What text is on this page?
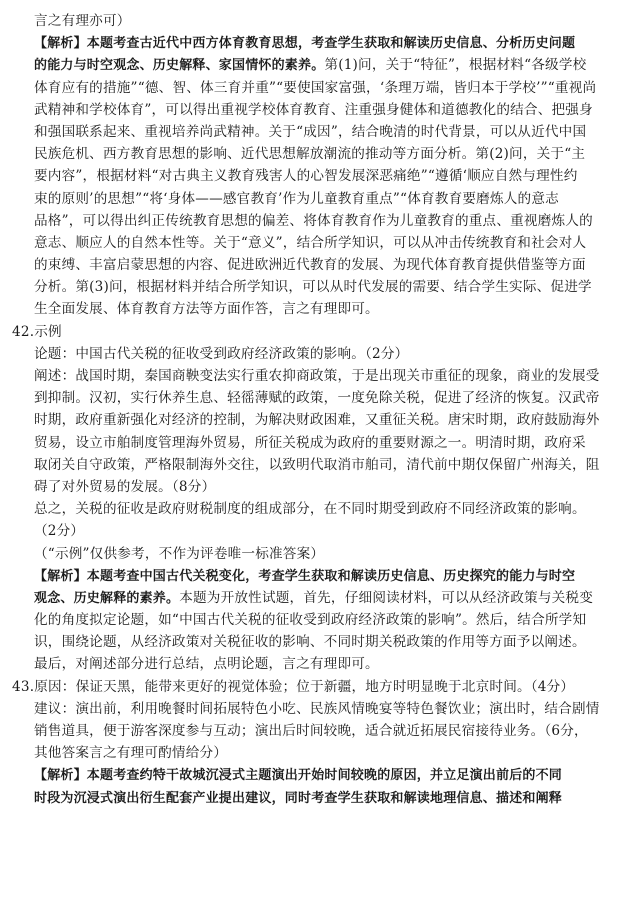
言之有理亦可）
【解析】本题考查古近代中西方体育教育思想，考查学生获取和解读历史信息、分析历史问题
的能力与时空观念、历史解释、家国情怀的素养。第(1)问，关于“特征”，根据材料“各级学校
体育应有的措施”“德、智、体三育并重”“要使国家富强，‘条理万端，皆归本于学校’”“重视尚
武精神和学校体育”，可以得出重视学校体育教育、注重强身健体和道德教化的结合、把强身
和强国联系起来、重视培养尚武精神。关于“成因”，结合晚清的时代背景，可以从近代中国
民族危机、西方教育思想的影响、近代思想解放潮流的推动等方面分析。第(2)问，关于“主
要内容”，根据材料“对古典主义教育残害人的心智发展深恶痛绝”“遵循‘顺应自然与理性约
束的原则’的思想”“将‘身体——感官教育’作为儿童教育重点”“体育教育要磨炼人的意志
品格”，可以得出纠正传统教育思想的偏差、将体育教育作为儿童教育的重点、重视磨炼人的
意志、顺应人的自然本性等。关于“意义”，结合所学知识，可以从冲击传统教育和社会对人
的束缚、丰富启蒙思想的内容、促进欧洲近代教育的发展、为现代体育教育提供借鉴等方面
分析。第(3)问，根据材料并结合所学知识，可以从时代发展的需要、结合学生实际、促进学
生全面发展、体育教育方法等方面作答，言之有理即可。
42.示例
论题：中国古代关税的征收受到政府经济政策的影响。（2分）
阐述：战国时期，秦国商鞅变法实行重农抑商政策，于是出现关市重征的现象，商业的发展受
到抑制。汉初，实行休养生息、轻徭薄赋的政策，一度免除关税，促进了经济的恢复。汉武帝
时期，政府重新强化对经济的控制，为解决财政困难，又重征关税。唐宋时期，政府鼓励海外
贸易，设立市舶制度管理海外贸易，所征关税成为政府的重要财源之一。明清时期，政府采
取闭关自守政策，严格限制海外交往，以致明代取消市舶司，清代前中期仅保留广州海关，阻
碍了对外贸易的发展。（8分）
总之，关税的征收是政府财税制度的组成部分，在不同时期受到政府不同经济政策的影响。
（2分）
（“示例”仅供参考，不作为评卷唯一标准答案）
【解析】本题考查中国古代关税变化，考查学生获取和解读历史信息、历史探究的能力与时空
观念、历史解释的素养。本题为开放性试题，首先，仔细阅读材料，可以从经济政策与关税变
化的角度拟定论题，如“中国古代关税的征收受到政府经济政策的影响”。然后，结合所学知
识，围绕论题，从经济政策对关税征收的影响、不同时期关税政策的作用等方面予以阐述。
最后，对阐述部分进行总结，点明论题，言之有理即可。
43.原因：保证天黑，能带来更好的视觉体验；位于新疆，地方时明显晚于北京时间。（4分）
建议：演出前，利用晚餐时间拓展特色小吃、民族风情晚宴等特色餐饮业；演出时，结合剧情
销售道具，便于游客深度参与互动；演出后时间较晚，适合就近拓展民宿接待业务。（6分，
其他答案言之有理可酌情给分）
【解析】本题考查约特干故城沉浸式主题演出开始时间较晚的原因，并立足演出前后的不同
时段为沉浸式演出衍生配套产业提出建议，同时考查学生获取和解读地理信息、描述和阐释
